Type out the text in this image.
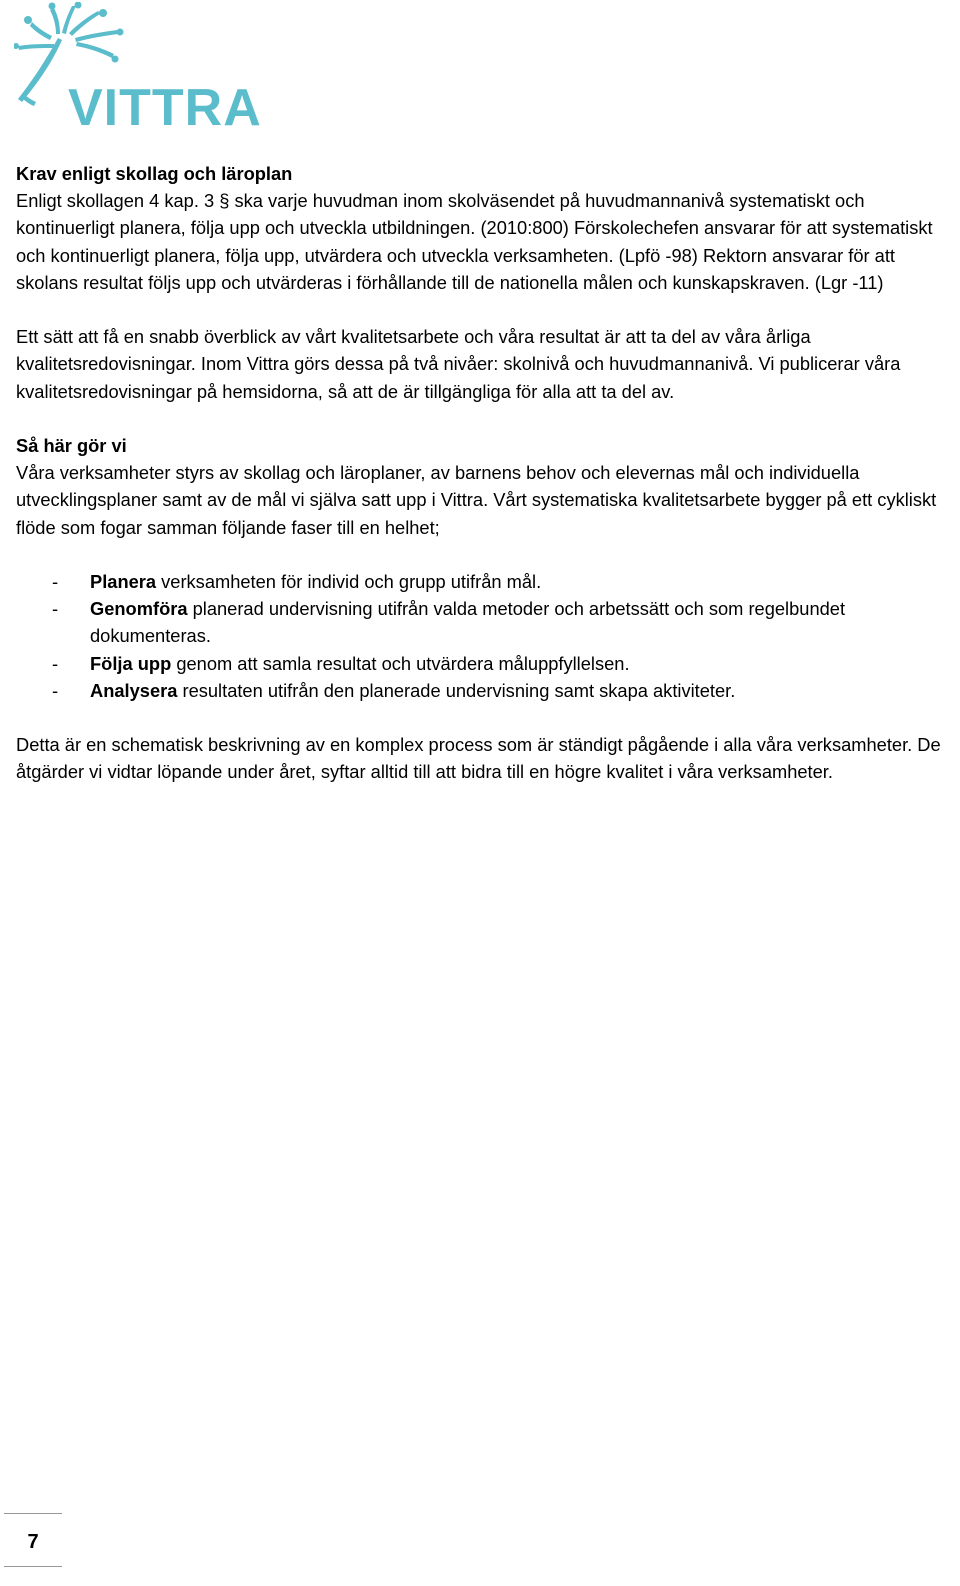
VITTRA

Krav enligt skollag och läroplan

Enligt skollagen 4 kap. 3 § ska varje huvudman inom skolväsendet på huvudmannanivå systematiskt och kontinuerligt planera, följa upp och utveckla utbildningen. (2010:800) Förskolechefen ansvarar för att systematiskt och kontinuerligt planera, följa upp, utvärdera och utveckla verksamheten. (Lpfö -98) Rektorn ansvarar för att skolans resultat följs upp och utvärderas i förhållande till de nationella målen och kunskapskraven. (Lgr -11)

Ett sätt att få en snabb överblick av vårt kvalitetsarbete och våra resultat är att ta del av våra årliga kvalitetsredovisningar. Inom Vittra görs dessa på två nivåer: skolnivå och huvudmannanivå. Vi publicerar våra kvalitetsredovisningar på hemsidorna, så att de är tillgängliga för alla att ta del av.

Så här gör vi

Våra verksamheter styrs av skollag och läroplaner, av barnens behov och elevernas mål och individuella utvecklingsplaner samt av de mål vi själva satt upp i Vittra. Vårt systematiska kvalitetsarbete bygger på ett cykliskt flöde som fogar samman följande faser till en helhet;

- Planera verksamheten för individ och grupp utifrån mål.
- Genomföra planerad undervisning utifrån valda metoder och arbetssätt och som regelbundet dokumenteras.
- Följa upp genom att samla resultat och utvärdera måluppfyllelsen.
- Analysera resultaten utifrån den planerade undervisning samt skapa aktiviteter.

Detta är en schematisk beskrivning av en komplex process som är ständigt pågående i alla våra verksamheter. De åtgärder vi vidtar löpande under året, syftar alltid till att bidra till en högre kvalitet i våra verksamheter.

7
